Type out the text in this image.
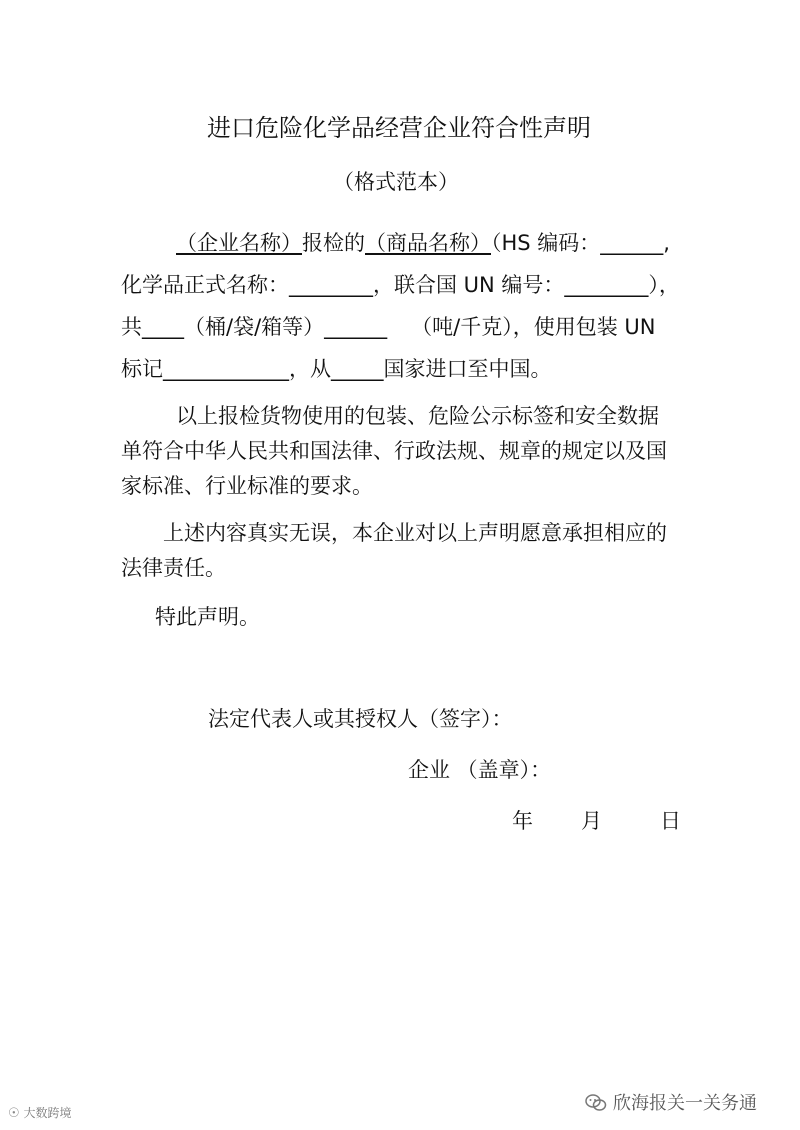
进口危险化学品经营企业符合性声明
（格式范本）
（企业名称）报检的（商品名称）（HS 编码：______,
化学品正式名称：________，联合国 UN 编号：________），
共____（桶/袋/箱等）______ （吨/千克），使用包装 UN
标记____________，从_____国家进口至中国。
以上报检货物使用的包装、危险公示标签和安全数据
单符合中华人民共和国法律、行政法规、规章的规定以及国
家标准、行业标准的要求。
上述内容真实无误，本企业对以上声明愿意承担相应的
法律责任。
特此声明。
法定代表人或其授权人（签字）：
企业 （盖章）：
年 月	日
☉ 大数跨境	欣海报关一关务通
